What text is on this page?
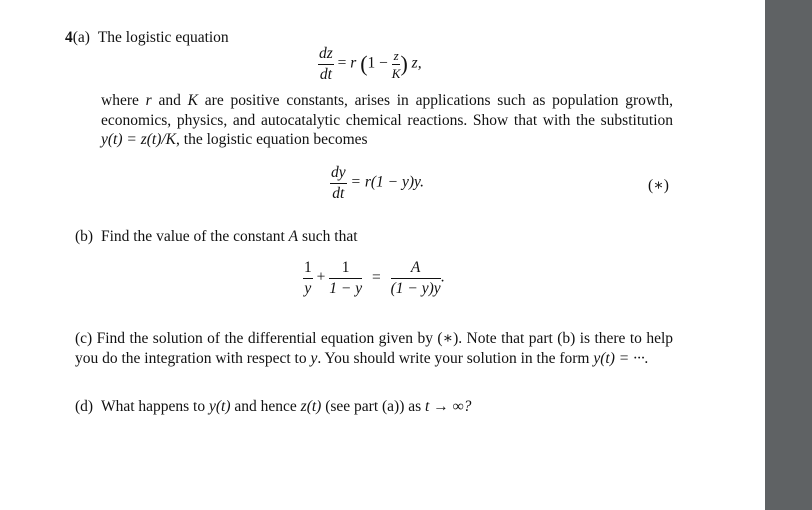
4(a) The logistic equation
$\frac{dz}{dt} = r$ ($1 - \frac{z}{K}$ ) z,

where r and K are positive constants, arises in applications such as population growth, economics, physics, and autocatalytic chemical reactions. Show that with the substitution y(t) = z(t)/K, the logistic equation becomes

$\frac{dy}{dt} = r(1 - y)y$.	(∗)
(b) Find the value of the constant A such that
$\frac{1}{y} + \frac{1}{1 - y} = \frac{A}{(1 - y)y}$ .

(c) Find the solution of the differential equation given by (∗). Note that part (b) is there to help you do the integration with respect to y. You should write your solution in the form y(t) = ···.

(d) What happens to y(t) and hence z(t) (see part (a)) as t → ∞?
